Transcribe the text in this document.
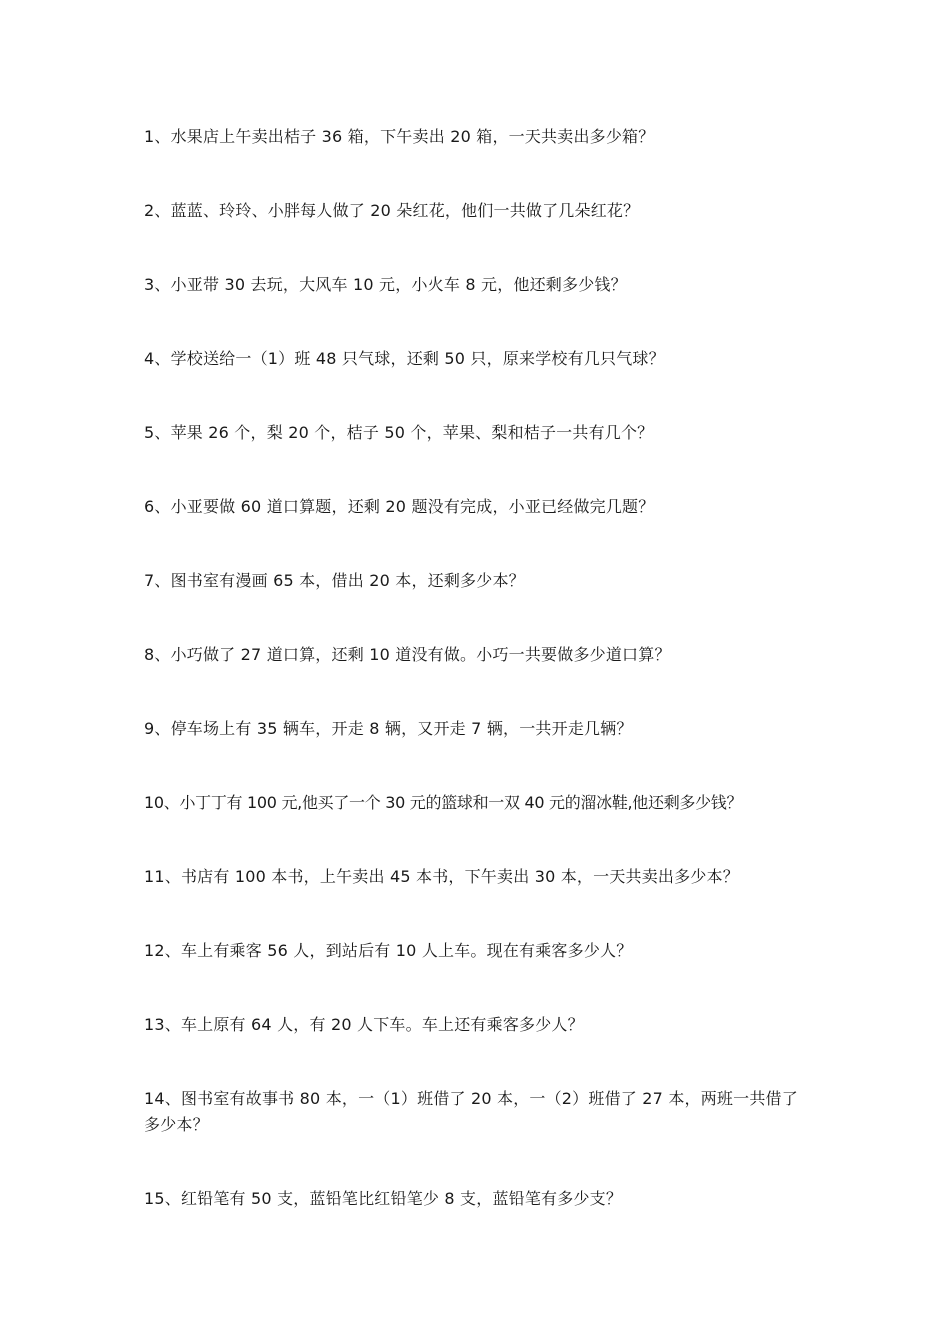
1、水果店上午卖出桔子 36 箱，下午卖出 20 箱，一天共卖出多少箱？
2、蓝蓝、玲玲、小胖每人做了 20 朵红花，他们一共做了几朵红花？
3、小亚带 30 去玩，大风车 10 元，小火车 8 元，他还剩多少钱？
4、学校送给一（1）班 48 只气球，还剩 50 只，原来学校有几只气球？
5、苹果 26 个，梨 20 个，桔子 50 个，苹果、梨和桔子一共有几个？
6、小亚要做 60 道口算题，还剩 20 题没有完成，小亚已经做完几题？
7、图书室有漫画 65 本，借出 20 本，还剩多少本？
8、小巧做了 27 道口算，还剩 10 道没有做。小巧一共要做多少道口算？
9、停车场上有 35 辆车，开走 8 辆，又开走 7 辆，一共开走几辆？
10、小丁丁有 100 元,他买了一个 30 元的篮球和一双 40 元的溜冰鞋,他还剩多少钱？
11、书店有 100 本书，上午卖出 45 本书，下午卖出 30 本，一天共卖出多少本？
12、车上有乘客 56 人，到站后有 10 人上车。现在有乘客多少人？
13、车上原有 64 人，有 20 人下车。车上还有乘客多少人？
14、图书室有故事书 80 本，一（1）班借了 20 本，一（2）班借了 27 本，两班一共借了多少本？
15、红铅笔有 50 支，蓝铅笔比红铅笔少 8 支，蓝铅笔有多少支？
